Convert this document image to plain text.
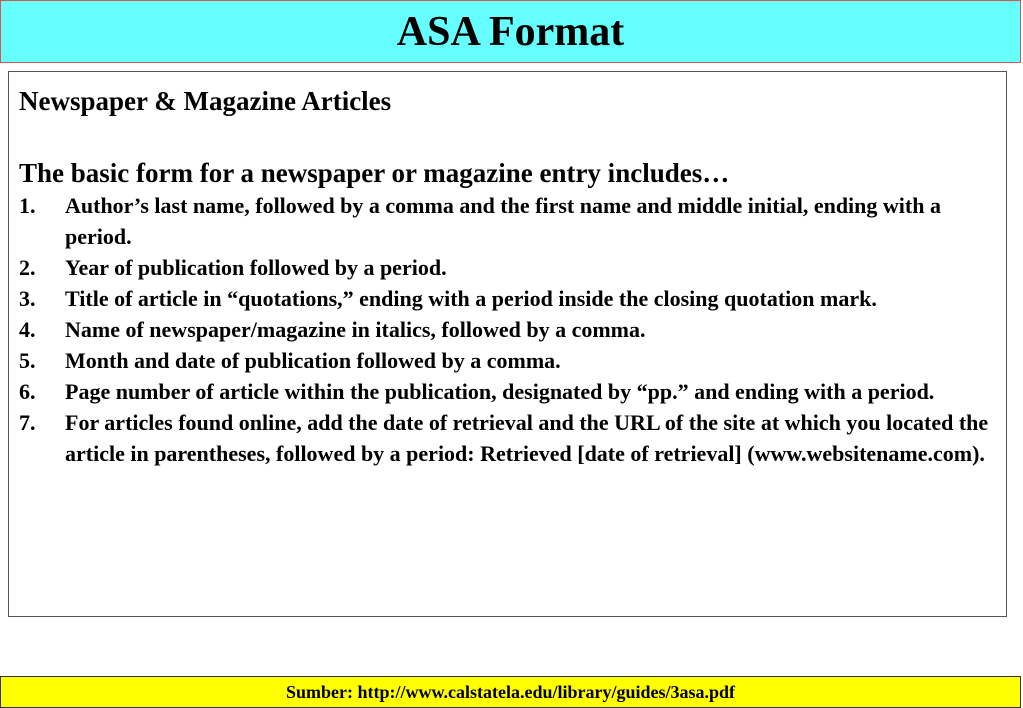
ASA Format
Newspaper & Magazine Articles
The basic form for a newspaper or magazine entry includes…
1.	Author’s last name, followed by a comma and the first name and middle initial, ending with a period.
2.	Year of publication followed by a period.
3.	Title of article in “quotations,” ending with a period inside the closing quotation mark.
4.	Name of newspaper/magazine in italics, followed by a comma.
5.	Month and date of publication followed by a comma.
6.	Page number of article within the publication, designated by “pp.” and ending with a period.
7.	For articles found online, add the date of retrieval and the URL of the site at which you located the article in parentheses, followed by a period: Retrieved [date of retrieval] (www.websitename.com).
Sumber: http://www.calstatela.edu/library/guides/3asa.pdf
